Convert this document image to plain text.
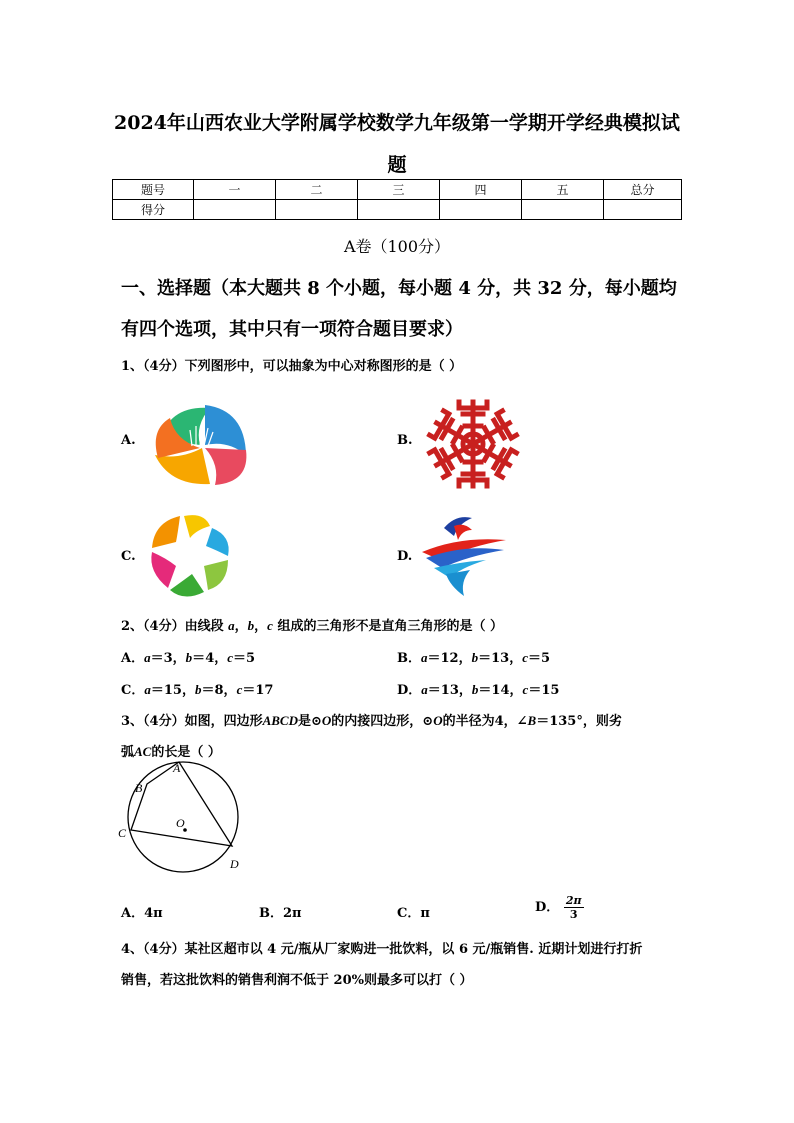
2024年山西农业大学附属学校数学九年级第一学期开学经典模拟试
题
题号	一	二	三	四	五	总分
得分						
A卷（100分）
一、选择题（本大题共 8 个小题，每小题 4 分，共 32 分，每小题均
有四个选项，其中只有一项符合题目要求）
1、（4分）下列图形中，可以抽象为中心对称图形的是（ ）
A.	B.
C.	D.
2、（4分）由线段 a，b，c 组成的三角形不是直角三角形的是（ ）
A．a＝3，b＝4，c＝5	B．a＝12，b＝13，c＝5
C．a＝15，b＝8，c＝17	D．a＝13，b＝14，c＝15
3、（4分）如图，四边形ABCD是⊙O的内接四边形，⊙O的半径为4，∠B＝135°，则劣
弧AC的长是（ ）
A
B
C
D
O
A．4π	B．2π	C．π	D． $\frac{2\pi}{3}$
4、（4分）某社区超市以 4 元/瓶从厂家购进一批饮料，以 6 元/瓶销售. 近期计划进行打折
销售，若这批饮料的销售利润不低于 20%则最多可以打（ ）
